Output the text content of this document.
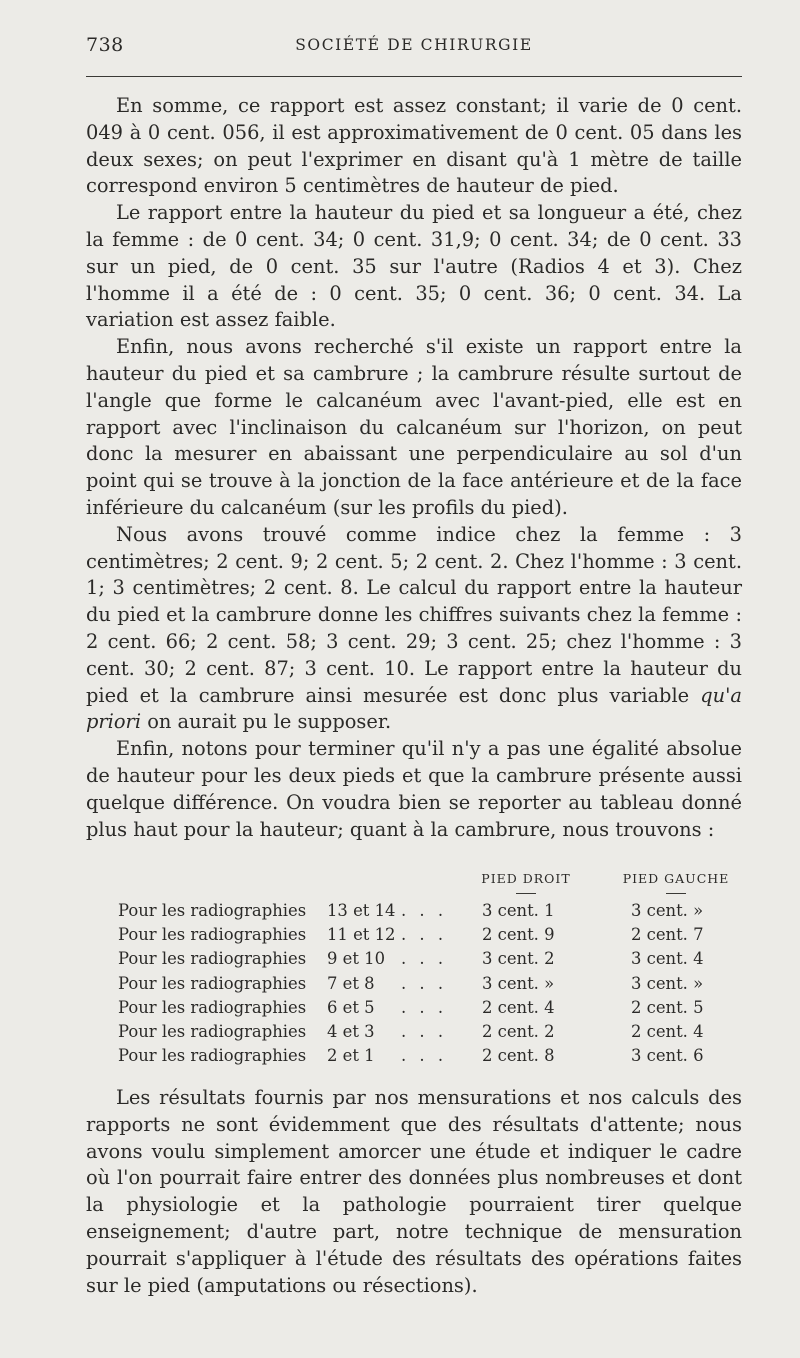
738	SOCIÉTÉ DE CHIRURGIE

En somme, ce rapport est assez constant; il varie de 0 cent. 049 à 0 cent. 056, il est approximativement de 0 cent. 05 dans les deux sexes; on peut l'exprimer en disant qu'à 1 mètre de taille correspond environ 5 centimètres de hauteur de pied.

Le rapport entre la hauteur du pied et sa longueur a été, chez la femme : de 0 cent. 34; 0 cent. 31,9; 0 cent. 34; de 0 cent. 33 sur un pied, de 0 cent. 35 sur l'autre (Radios 4 et 3). Chez l'homme il a été de : 0 cent. 35; 0 cent. 36; 0 cent. 34. La variation est assez faible.

Enfin, nous avons recherché s'il existe un rapport entre la hauteur du pied et sa cambrure ; la cambrure résulte surtout de l'angle que forme le calcanéum avec l'avant-pied, elle est en rapport avec l'inclinaison du calcanéum sur l'horizon, on peut donc la mesurer en abaissant une perpendiculaire au sol d'un point qui se trouve à la jonction de la face antérieure et de la face inférieure du calcanéum (sur les profils du pied).

Nous avons trouvé comme indice chez la femme : 3 centimètres; 2 cent. 9; 2 cent. 5; 2 cent. 2. Chez l'homme : 3 cent. 1; 3 centimètres; 2 cent. 8. Le calcul du rapport entre la hauteur du pied et la cambrure donne les chiffres suivants chez la femme : 2 cent. 66; 2 cent. 58; 3 cent. 29; 3 cent. 25; chez l'homme : 3 cent. 30; 2 cent. 87; 3 cent. 10. Le rapport entre la hauteur du pied et la cambrure ainsi mesurée est donc plus variable qu'a priori on aurait pu le supposer.

Enfin, notons pour terminer qu'il n'y a pas une égalité absolue de hauteur pour les deux pieds et que la cambrure présente aussi quelque différence. On voudra bien se reporter au tableau donné plus haut pour la hauteur; quant à la cambrure, nous trouvons :

PIED DROIT	PIED GAUCHE
Pour les radiographies 13 et 14 . . . 3 cent. 1	3 cent. »
Pour les radiographies 11 et 12 . . . 2 cent. 9	2 cent. 7
Pour les radiographies 9 et 10 . . . 3 cent. 2	3 cent. 4
Pour les radiographies 7 et 8 . . . 3 cent. »	3 cent. »
Pour les radiographies 6 et 5 . . . 2 cent. 4	2 cent. 5
Pour les radiographies 4 et 3 . . . 2 cent. 2	2 cent. 4
Pour les radiographies 2 et 1 . . . 2 cent. 8	3 cent. 6

Les résultats fournis par nos mensurations et nos calculs des rapports ne sont évidemment que des résultats d'attente; nous avons voulu simplement amorcer une étude et indiquer le cadre où l'on pourrait faire entrer des données plus nombreuses et dont la physiologie et la pathologie pourraient tirer quelque enseignement; d'autre part, notre technique de mensuration pourrait s'appliquer à l'étude des résultats des opérations faites sur le pied (amputations ou résections).
